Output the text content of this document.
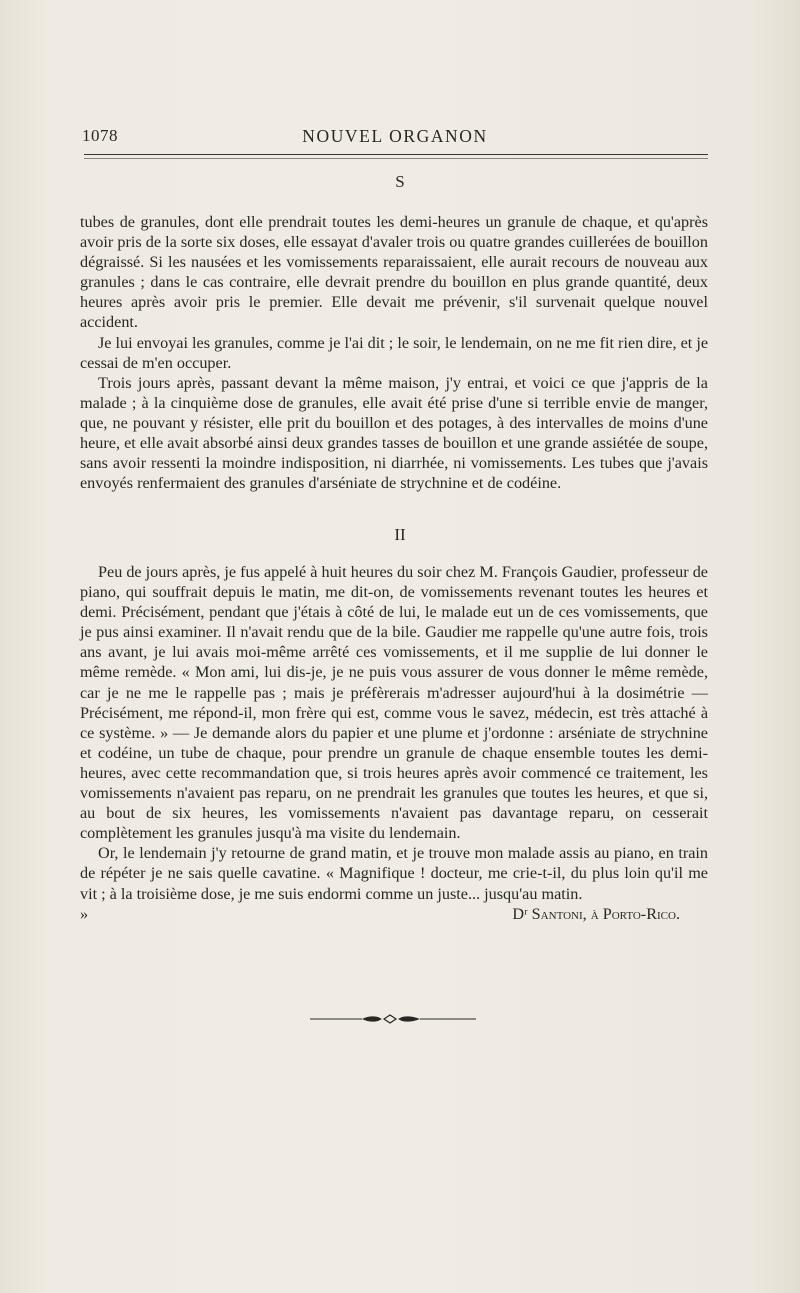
1078	NOUVEL ORGANON
S

tubes de granules, dont elle prendrait toutes les demi-heures un granule de chaque, et qu'après avoir pris de la sorte six doses, elle essayat d'avaler trois ou quatre grandes cuillerées de bouillon dégraissé. Si les nausées et les vomissements reparaissaient, elle aurait recours de nouveau aux granules ; dans le cas contraire, elle devrait prendre du bouillon en plus grande quantité, deux heures après avoir pris le premier. Elle devait me prévenir, s'il survenait quelque nouvel accident.

Je lui envoyai les granules, comme je l'ai dit ; le soir, le lendemain, on ne me fit rien dire, et je cessai de m'en occuper.

Trois jours après, passant devant la même maison, j'y entrai, et voici ce que j'appris de la malade ; à la cinquième dose de granules, elle avait été prise d'une si terrible envie de manger, que, ne pouvant y résister, elle prit du bouillon et des potages, à des intervalles de moins d'une heure, et elle avait absorbé ainsi deux grandes tasses de bouillon et une grande assiétée de soupe, sans avoir ressenti la moindre indisposition, ni diarrhée, ni vomissements. Les tubes que j'avais envoyés renfermaient des granules d'arséniate de strychnine et de codéine.

II

Peu de jours après, je fus appelé à huit heures du soir chez M. François Gaudier, professeur de piano, qui souffrait depuis le matin, me dit-on, de vomissements revenant toutes les heures et demi. Précisément, pendant que j'étais à côté de lui, le malade eut un de ces vomissements, que je pus ainsi examiner. Il n'avait rendu que de la bile. Gaudier me rappelle qu'une autre fois, trois ans avant, je lui avais moi-même arrêté ces vomissements, et il me supplie de lui donner le même remède. « Mon ami, lui dis-je, je ne puis vous assurer de vous donner le même remède, car je ne me le rappelle pas ; mais je préfèrerais m'adresser aujourd'hui à la dosimétrie — Précisément, me répond-il, mon frère qui est, comme vous le savez, médecin, est très attaché à ce système. » — Je demande alors du papier et une plume et j'ordonne : arséniate de strychnine et codéine, un tube de chaque, pour prendre un granule de chaque ensemble toutes les demi-heures, avec cette recommandation que, si trois heures après avoir commencé ce traitement, les vomissements n'avaient pas reparu, on ne prendrait les granules que toutes les heures, et que si, au bout de six heures, les vomissements n'avaient pas davantage reparu, on cesserait complètement les granules jusqu'à ma visite du lendemain.

Or, le lendemain j'y retourne de grand matin, et je trouve mon malade assis au piano, en train de répéter je ne sais quelle cavatine. « Magnifique ! docteur, me crie-t-il, du plus loin qu'il me vit ; à la troisième dose, je me suis endormi comme un juste... jusqu'au matin.

»	Dʳ Santoni, à Porto-Rico.
